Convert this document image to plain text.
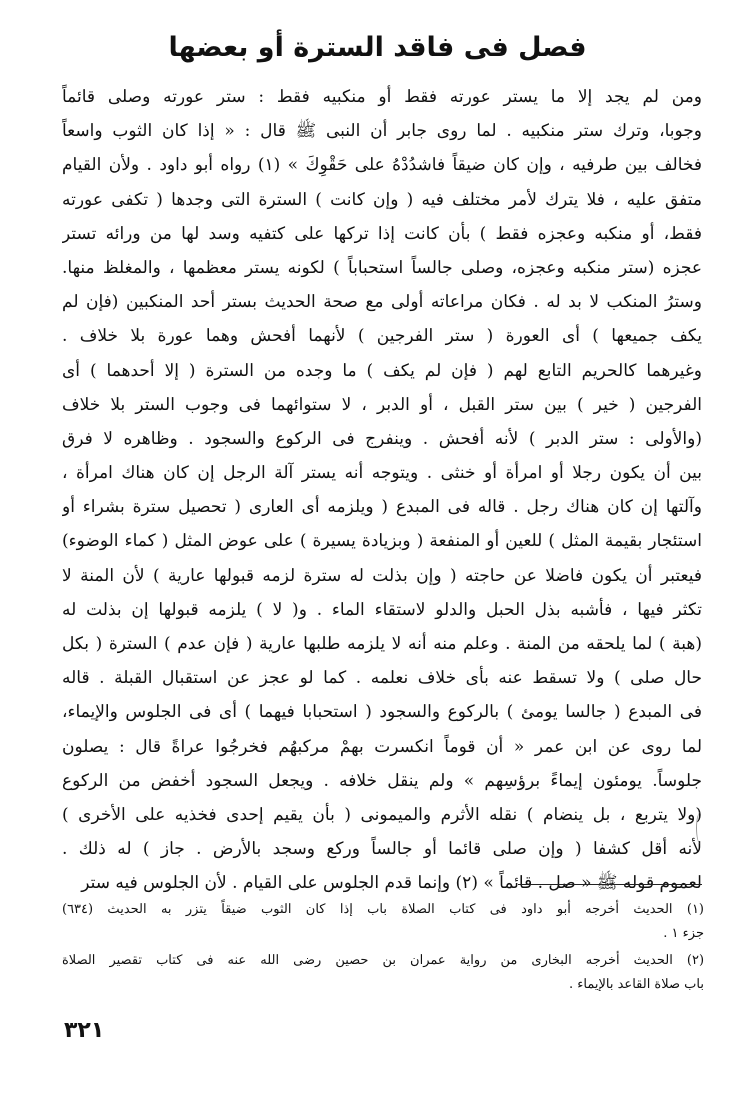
فصل فى فاقد السترة أو بعضها
ومن لم يجد إلا ما يستر عورته فقط أو منكبيه فقط : ستر عورته وصلى قائماً
وجوبا، وترك ستر منكبيه . لما روى جابر أن النبى ﷺ قال : « إذا كان الثوب واسعاً
فخالف بين طرفيه ، وإن كان ضيقاً فاشدُدْهُ على حَقْوِكَ » (١) رواه أبو داود . ولأن القيام
متفق عليه ، فلا يترك لأمر مختلف فيه ( وإن كانت ) السترة التى وجدها ( تكفى عورته
فقط، أو منكبه وعجزه فقط ) بأن كانت إذا تركها على كتفيه وسد لها من ورائه تستر
عجزه (ستر منكبه وعجزه، وصلى جالساً استحباباً ) لكونه يستر معظمها ، والمغلظ منها.
وسترُ المنكب لا بد له . فكان مراعاته أولى مع صحة الحديث بستر أحد المنكبين (فإن لم
يكف جميعها ) أى العورة ( ستر الفرجين ) لأنهما أفحش وهما عورة بلا خلاف .
وغيرهما كالحريم التابع لهم ( فإن لم يكف ) ما وجده من السترة ( إلا أحدهما ) أى
الفرجين ( خير ) بين ستر القبل ، أو الدبر ، لا ستوائهما فى وجوب الستر بلا خلاف
(والأولى : ستر الدبر ) لأنه أفحش . وينفرج فى الركوع والسجود . وظاهره لا فرق
بين أن يكون رجلا أو امرأة أو خنثى . ويتوجه أنه يستر آلة الرجل إن كان هناك امرأة ،
وآلتها إن كان هناك رجل . قاله فى المبدع ( ويلزمه أى العارى ( تحصيل سترة بشراء أو
استئجار بقيمة المثل ) للعين أو المنفعة ( وبزيادة يسيرة ) على عوض المثل ( كماء الوضوء)
فيعتبر أن يكون فاضلا عن حاجته ( وإن بذلت له سترة لزمه قبولها عارية ) لأن المنة لا
تكثر فيها ، فأشبه بذل الحبل والدلو لاستقاء الماء . و( لا ) يلزمه قبولها إن بذلت له
(هبة ) لما يلحقه من المنة . وعلم منه أنه لا يلزمه طلبها عارية ( فإن عدم ) السترة ( بكل
حال صلى ) ولا تسقط عنه بأى خلاف نعلمه . كما لو عجز عن استقبال القبلة . قاله
فى المبدع ( جالسا يومئ ) بالركوع والسجود ( استحبابا فيهما ) أى فى الجلوس والإيماء،
لما روى عن ابن عمر « أن قوماً انكسرت بهمْ مركبهُم فخرجُوا عراةً قال : يصلون
جلوساً. يومئون إيماءً برؤسِهم » ولم ينقل خلافه . ويجعل السجود أخفض من الركوع
(ولا يتربع ، بل ينضام ) نقله الأثرم والميمونى ( بأن يقيم إحدى فخذيه على الأخرى )
لأنه أقل كشفا ( وإن صلى قائما أو جالساً وركع وسجد بالأرض . جاز ) له ذلك .
لعموم قوله ﷺ « صل . قائماً » (٢) وإنما قدم الجلوس على القيام . لأن الجلوس فيه ستر
(١) الحديث أخرجه أبو داود فى كتاب الصلاة باب إذا كان الثوب ضيقاً يتزر به الحديث (٦٣٤)
جزء ١ .
(٢) الحديث أخرجه البخارى من رواية عمران بن حصين رضى الله عنه فى كتاب تقصير الصلاة
باب صلاة القاعد بالإيماء .
٣٢١
